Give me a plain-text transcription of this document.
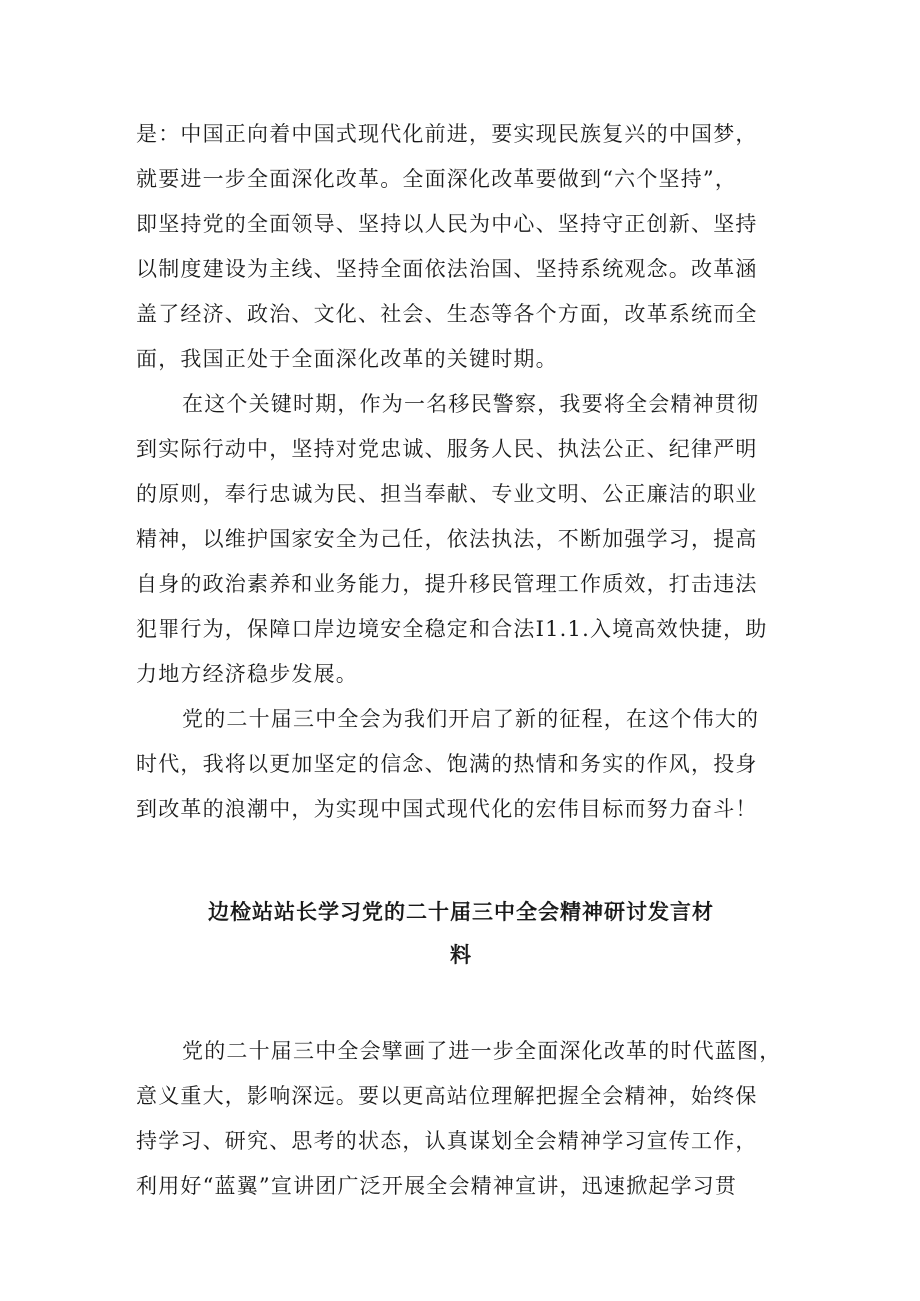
是：中国正向着中国式现代化前进，要实现民族复兴的中国梦，
就要进一步全面深化改革。全面深化改革要做到“六个坚持”，
即坚持党的全面领导、坚持以人民为中心、坚持守正创新、坚持
以制度建设为主线、坚持全面依法治国、坚持系统观念。改革涵
盖了经济、政治、文化、社会、生态等各个方面，改革系统而全
面，我国正处于全面深化改革的关键时期。

在这个关键时期，作为一名移民警察，我要将全会精神贯彻
到实际行动中，坚持对党忠诚、服务人民、执法公正、纪律严明
的原则，奉行忠诚为民、担当奉献、专业文明、公正廉洁的职业
精神，以维护国家安全为己任，依法执法，不断加强学习，提高
自身的政治素养和业务能力，提升移民管理工作质效，打击违法
犯罪行为，保障口岸边境安全稳定和合法I1.1.入境高效快捷，助
力地方经济稳步发展。

党的二十届三中全会为我们开启了新的征程，在这个伟大的
时代，我将以更加坚定的信念、饱满的热情和务实的作风，投身
到改革的浪潮中，为实现中国式现代化的宏伟目标而努力奋斗！

边检站站长学习党的二十届三中全会精神研讨发言材
料

党的二十届三中全会擘画了进一步全面深化改革的时代蓝图，
意义重大，影响深远。要以更高站位理解把握全会精神，始终保
持学习、研究、思考的状态，认真谋划全会精神学习宣传工作，
利用好“蓝翼”宣讲团广泛开展全会精神宣讲，迅速掀起学习贯
